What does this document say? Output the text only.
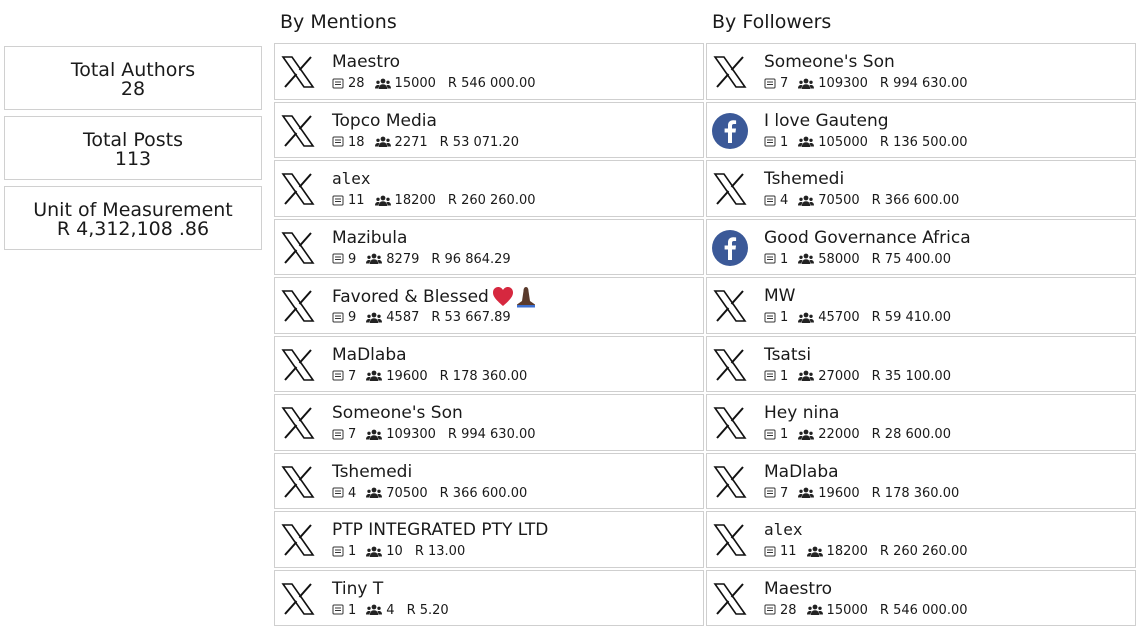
Total Authors
28
Total Posts
113
Unit of Measurement
R 4,312,108 .86
By Mentions	By Followers
Maestro
28 15000 R 546 000.00
Topco Media
18 2271 R 53 071.20
alex
11 18200 R 260 260.00
Mazibula
9 8279 R 96 864.29
Favored & Blessed
9 4587 R 53 667.89
MaDlaba
7 19600 R 178 360.00
Someone's Son
7 109300 R 994 630.00
Tshemedi
4 70500 R 366 600.00
PTP INTEGRATED PTY LTD
1 10 R 13.00
Tiny T
1 4 R 5.20
Someone's Son
7 109300 R 994 630.00
I love Gauteng
1 105000 R 136 500.00
Tshemedi
4 70500 R 366 600.00
Good Governance Africa
1 58000 R 75 400.00
MW
1 45700 R 59 410.00
Tsatsi
1 27000 R 35 100.00
Hey nina
1 22000 R 28 600.00
MaDlaba
7 19600 R 178 360.00
alex
11 18200 R 260 260.00
Maestro
28 15000 R 546 000.00
